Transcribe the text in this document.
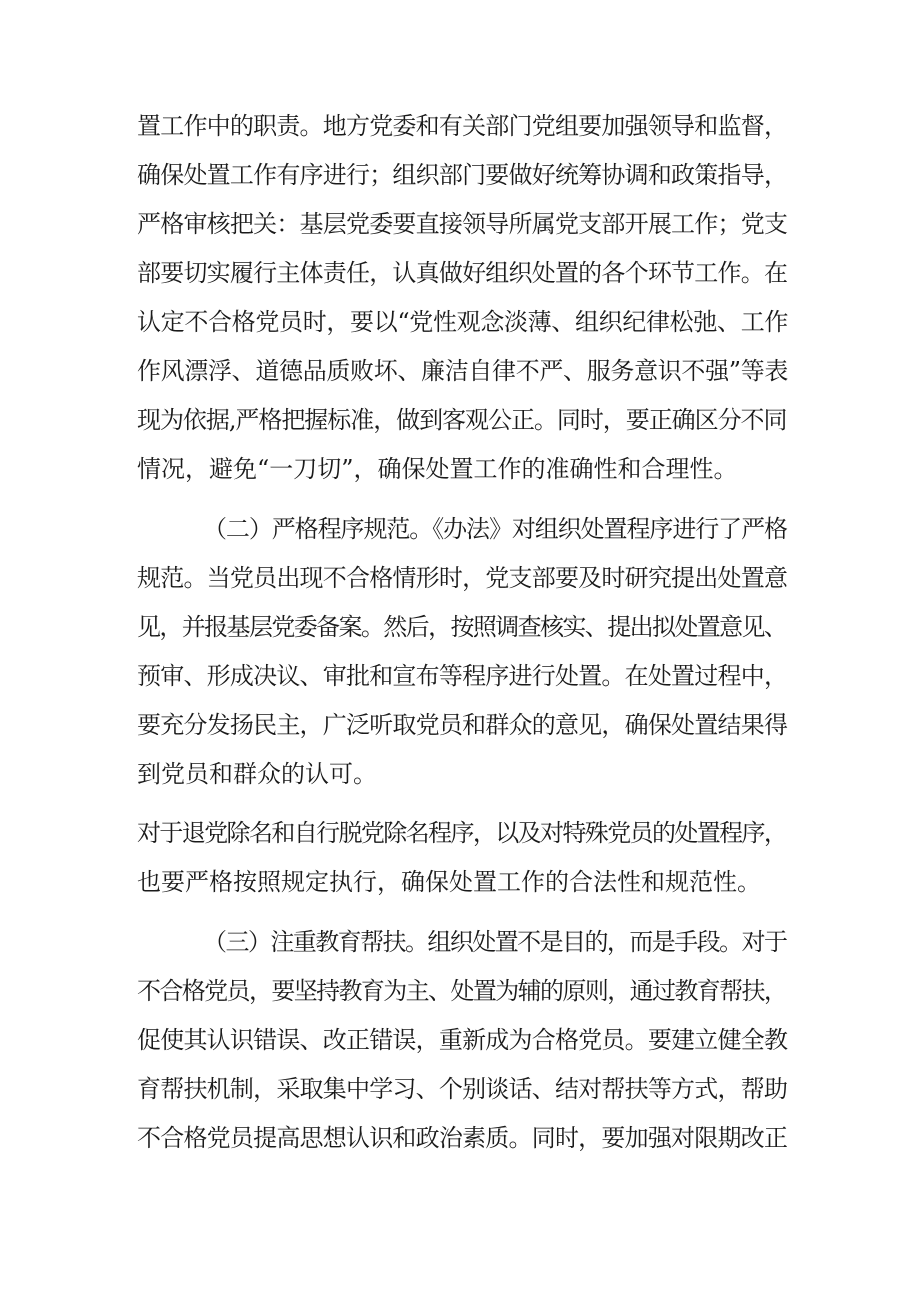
置工作中的职责。地方党委和有关部门党组要加强领导和监督，
确保处置工作有序进行；组织部门要做好统筹协调和政策指导，
严格审核把关：基层党委要直接领导所属党支部开展工作；党支
部要切实履行主体责任，认真做好组织处置的各个环节工作。在
认定不合格党员时，要以“党性观念淡薄、组织纪律松弛、工作
作风漂浮、道德品质败坏、廉洁自律不严、服务意识不强”等表
现为依据,严格把握标准，做到客观公正。同时，要正确区分不同
情况，避免“一刀切”，确保处置工作的准确性和合理性。
（二）严格程序规范。《办法》对组织处置程序进行了严格
规范。当党员出现不合格情形时，党支部要及时研究提出处置意
见，并报基层党委备案。然后，按照调查核实、提出拟处置意见、
预审、形成决议、审批和宣布等程序进行处置。在处置过程中，
要充分发扬民主，广泛听取党员和群众的意见，确保处置结果得
到党员和群众的认可。
对于退党除名和自行脱党除名程序，以及对特殊党员的处置程序，
也要严格按照规定执行，确保处置工作的合法性和规范性。
（三）注重教育帮扶。组织处置不是目的，而是手段。对于
不合格党员，要坚持教育为主、处置为辅的原则，通过教育帮扶，
促使其认识错误、改正错误，重新成为合格党员。要建立健全教
育帮扶机制，采取集中学习、个别谈话、结对帮扶等方式，帮助
不合格党员提高思想认识和政治素质。同时，要加强对限期改正
